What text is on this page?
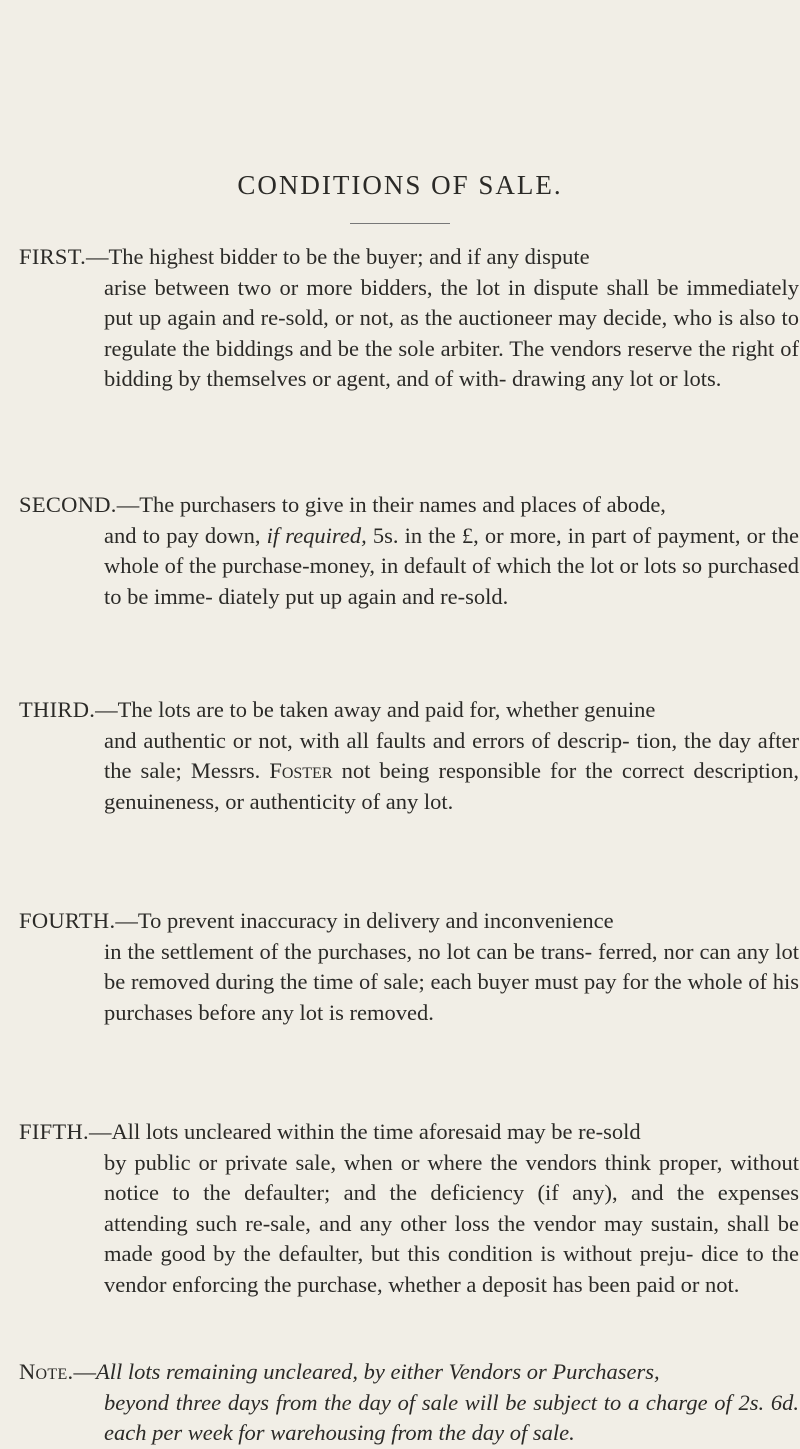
CONDITIONS OF SALE.

FIRST.—The highest bidder to be the buyer; and if any dispute
arise between two or more bidders, the lot in dispute shall be immediately put up again and re-sold, or not, as the auctioneer may decide, who is also to regulate the biddings and be the sole arbiter. The vendors reserve the right of bidding by themselves or agent, and of with- drawing any lot or lots.

SECOND.—The purchasers to give in their names and places of abode,
and to pay down, if required, 5s. in the £, or more, in part of payment, or the whole of the purchase-money, in default of which the lot or lots so purchased to be imme- diately put up again and re-sold.

THIRD.—The lots are to be taken away and paid for, whether genuine
and authentic or not, with all faults and errors of descrip- tion, the day after the sale; Messrs. Foster not being responsible for the correct description, genuineness, or authenticity of any lot.

FOURTH.—To prevent inaccuracy in delivery and inconvenience
in the settlement of the purchases, no lot can be trans- ferred, nor can any lot be removed during the time of sale; each buyer must pay for the whole of his purchases before any lot is removed.

FIFTH.—All lots uncleared within the time aforesaid may be re-sold
by public or private sale, when or where the vendors think proper, without notice to the defaulter; and the deficiency (if any), and the expenses attending such re-sale, and any other loss the vendor may sustain, shall be made good by the defaulter, but this condition is without preju- dice to the vendor enforcing the purchase, whether a deposit has been paid or not.

Note.—All lots remaining uncleared, by either Vendors or Purchasers,
beyond three days from the day of sale will be subject to a charge of 2s. 6d. each per week for warehousing from the day of sale.
